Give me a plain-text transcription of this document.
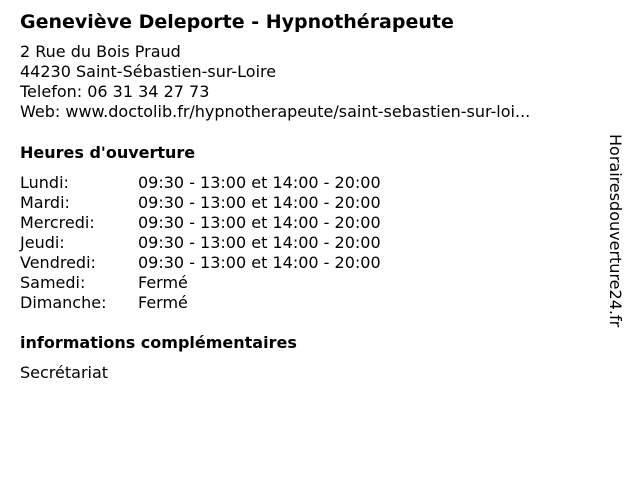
Geneviève Deleporte - Hypnothérapeute
2 Rue du Bois Praud
44230 Saint-Sébastien-sur-Loire
Telefon: 06 31 34 27 73
Web: www.doctolib.fr/hypnotherapeute/saint-sebastien-sur-loi...
Heures d'ouverture
Lundi:	09:30 - 13:00 et 14:00 - 20:00
Mardi:	09:30 - 13:00 et 14:00 - 20:00
Mercredi:	09:30 - 13:00 et 14:00 - 20:00
Jeudi:	09:30 - 13:00 et 14:00 - 20:00
Vendredi:	09:30 - 13:00 et 14:00 - 20:00
Samedi:	Fermé
Dimanche:	Fermé
informations complémentaires
Secrétariat
Horairesdouverture24.fr
